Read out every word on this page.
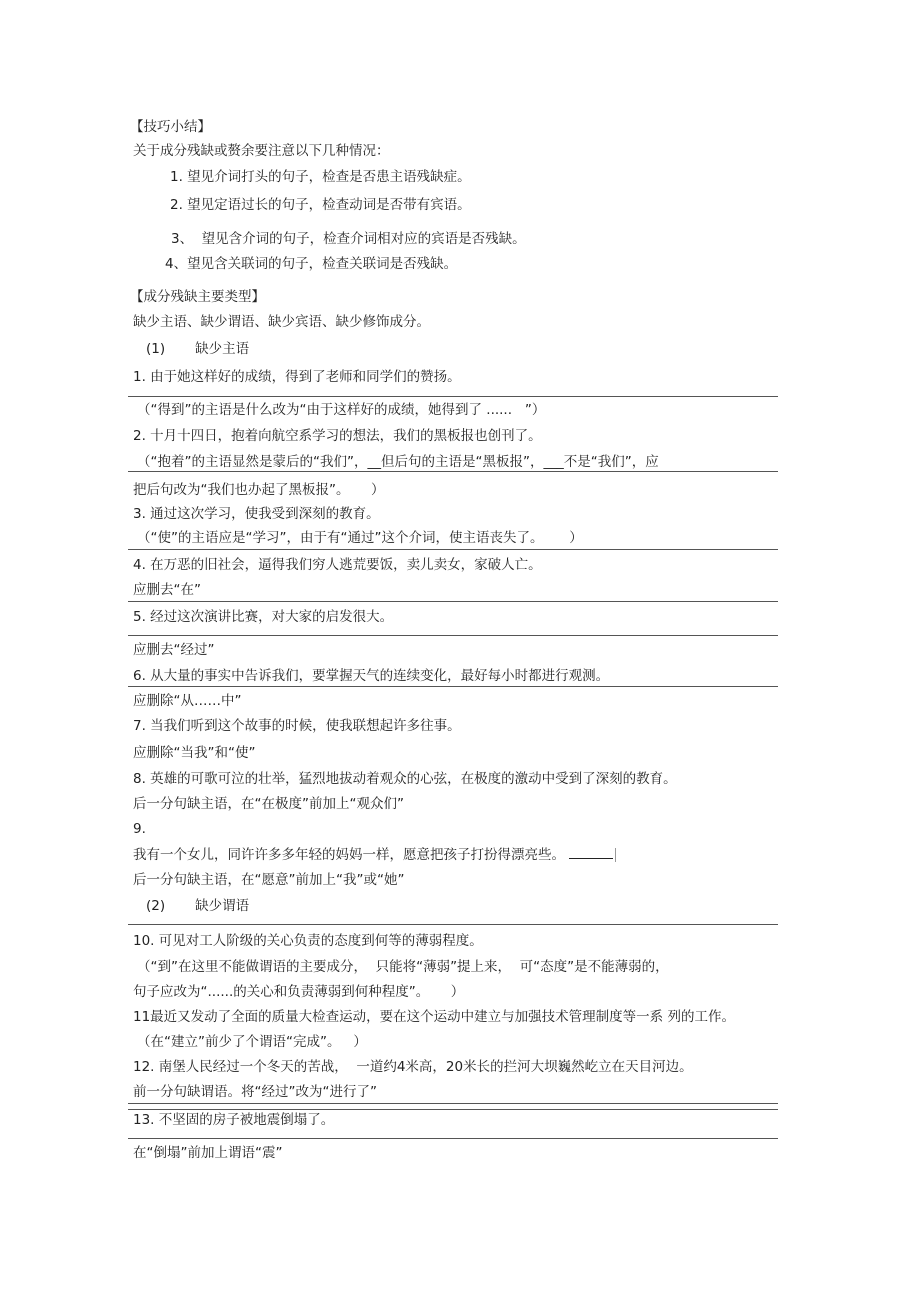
【技巧小结】
关于成分残缺或赘余要注意以下几种情况：
1. 望见介词打头的句子，检查是否患主语残缺症。
2. 望见定语过长的句子，检查动词是否带有宾语。
3、  望见含介词的句子，检查介词相对应的宾语是否残缺。
4、望见含关联词的句子，检查关联词是否残缺。
【成分残缺主要类型】
缺少主语、缺少谓语、缺少宾语、缺少修饰成分。
(1)       缺少主语
1. 由于她这样好的成绩，得到了老师和同学们的赞扬。
（“得到”的主语是什么改为“由于这样好的成绩，她得到了 ......   ”）
2. 十月十四日，抱着向航空系学习的想法，我们的黑板报也创刊了。
（“抱着”的主语显然是蒙后的“我们”，__但后句的主语是“黑板报”，___不是“我们”，应
把后句改为“我们也办起了黑板报”。     ）
3. 通过这次学习，使我受到深刻的教育。
（“使”的主语应是“学习”，由于有“通过”这个介词，使主语丧失了。      ）
4. 在万恶的旧社会，逼得我们穷人逃荒要饭，卖儿卖女，家破人亡。
应删去“在”
5. 经过这次演讲比赛，对大家的启发很大。
应删去“经过”
6. 从大量的事实中告诉我们，要掌握天气的连续变化，最好每小时都进行观测。
应删除“从……中”
7. 当我们听到这个故事的时候，使我联想起许多往事。
应删除“当我”和“使”
8. 英雄的可歌可泣的壮举，猛烈地拔动着观众的心弦，在极度的激动中受到了深刻的教育。
后一分句缺主语，在“在极度”前加上“观众们”
9.
我有一个女儿，同许许多多年轻的妈妈一样，愿意把孩子打扮得漂亮些。
后一分句缺主语，在“愿意”前加上“我”或“她”
(2)       缺少谓语
10. 可见对工人阶级的关心负责的态度到何等的薄弱程度。
（“到”在这里不能做谓语的主要成分，  只能将“薄弱”提上来，  可“态度”是不能薄弱的，
句子应改为“......的关心和负责薄弱到何种程度”。     ）
11最近又发动了全面的质量大检查运动，要在这个运动中建立与加强技术管理制度等一系 列的工作。
（在“建立”前少了个谓语“完成”。   ）
12. 南堡人民经过一个冬天的苦战，  一道约4米高，20米长的拦河大坝巍然屹立在天目河边。
前一分句缺谓语。将“经过”改为“进行了”
13. 不坚固的房子被地震倒塌了。
在“倒塌”前加上谓语“震”
